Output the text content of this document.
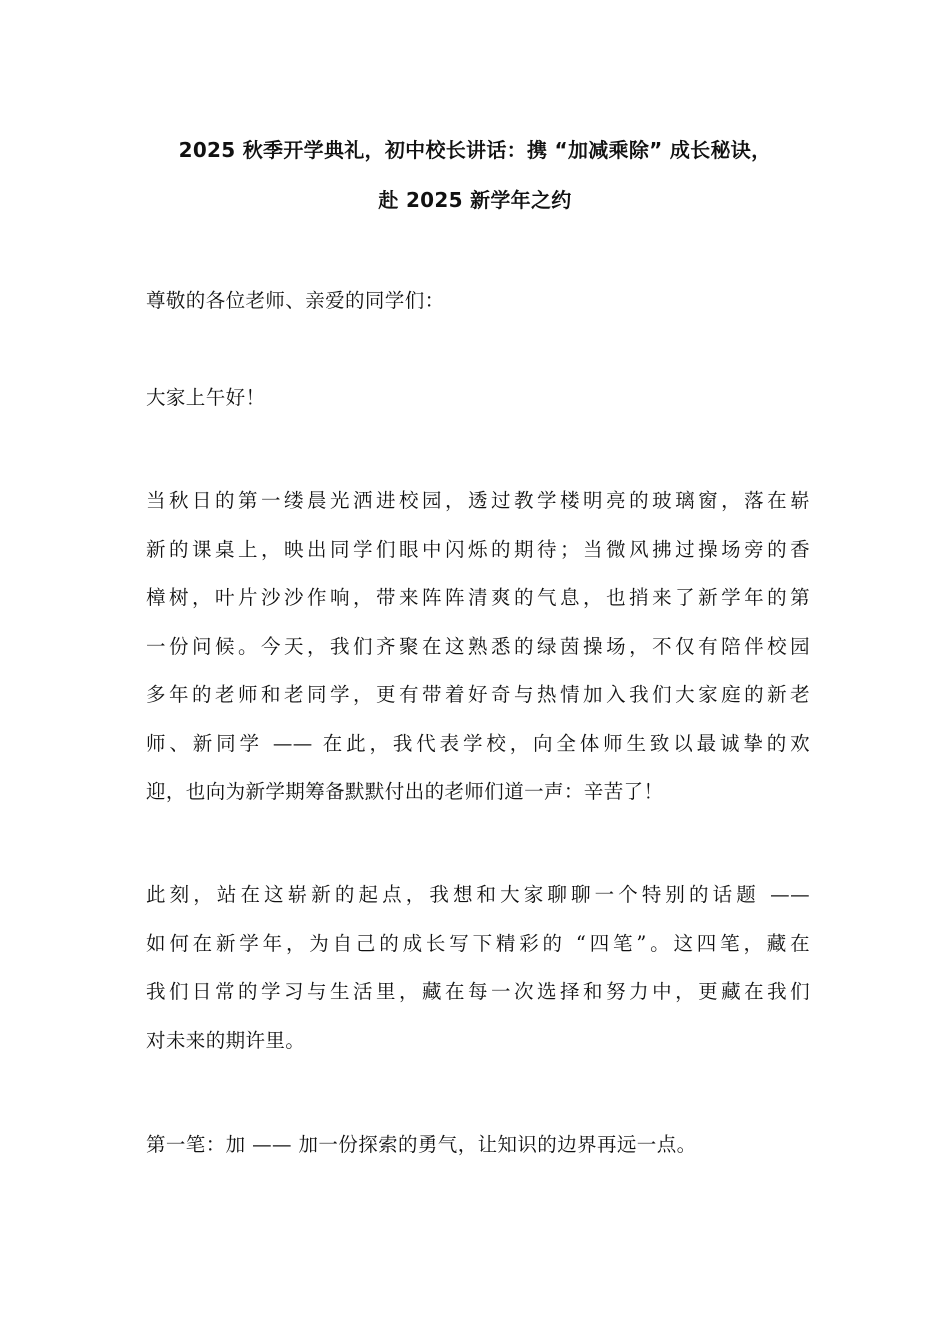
2025 秋季开学典礼，初中校长讲话：携 “加减乘除” 成长秘诀，
赴 2025 新学年之约

尊敬的各位老师、亲爱的同学们：

大家上午好！

当秋日的第一缕晨光洒进校园，透过教学楼明亮的玻璃窗，落在崭
新的课桌上，映出同学们眼中闪烁的期待；当微风拂过操场旁的香
樟树，叶片沙沙作响，带来阵阵清爽的气息，也捎来了新学年的第
一份问候。今天，我们齐聚在这熟悉的绿茵操场，不仅有陪伴校园
多年的老师和老同学，更有带着好奇与热情加入我们大家庭的新老
师、新同学 —— 在此，我代表学校，向全体师生致以最诚挚的欢
迎，也向为新学期筹备默默付出的老师们道一声：辛苦了！

此刻，站在这崭新的起点，我想和大家聊聊一个特别的话题 ——
如何在新学年，为自己的成长写下精彩的 “四笔”。这四笔，藏在
我们日常的学习与生活里，藏在每一次选择和努力中，更藏在我们
对未来的期许里。

第一笔：加 —— 加一份探索的勇气，让知识的边界再远一点。
